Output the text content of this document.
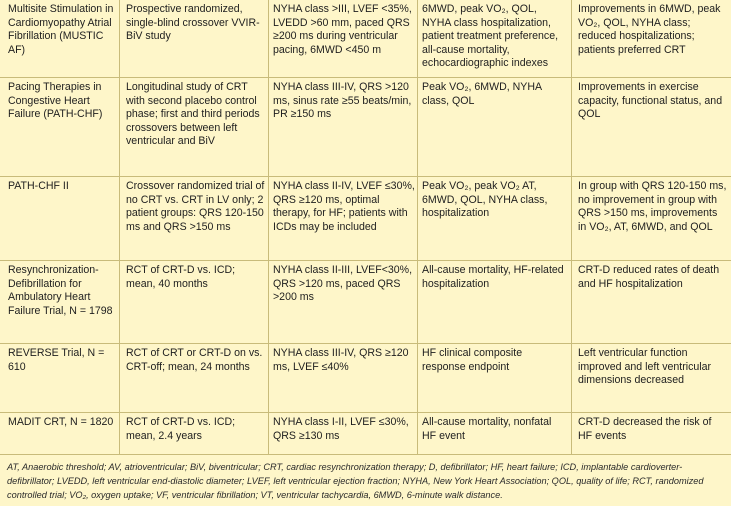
Multisite Stimulation in Cardiomyopathy Atrial Fibrillation (MUSTIC AF)
Prospective randomized, single-blind crossover VVIR-BiV study
NYHA class >III, LVEF <35%, LVEDD >60 mm, paced QRS ≥200 ms during ventricular pacing, 6MWD <450 m
6MWD, peak VO₂, QOL, NYHA class hospitalization, patient treatment preference, all-cause mortality, echocardiographic indexes
Improvements in 6MWD, peak VO₂, QOL, NYHA class; reduced hospitalizations; patients preferred CRT
Pacing Therapies in Congestive Heart Failure (PATH-CHF)
Longitudinal study of CRT with second placebo control phase; first and third periods crossovers between left ventricular and BiV
NYHA class III-IV, QRS >120 ms, sinus rate ≥55 beats/min, PR ≥150 ms
Peak VO₂, 6MWD, NYHA class, QOL
Improvements in exercise capacity, functional status, and QOL
PATH-CHF II	Crossover randomized trial of no CRT vs. CRT in LV only; 2 patient groups: QRS 120-150 ms and QRS >150 ms
NYHA class II-IV, LVEF ≤30%, QRS ≥120 ms, optimal therapy, for HF; patients with ICDs may be included
Peak VO₂, peak VO₂ AT, 6MWD, QOL, NYHA class, hospitalization
In group with QRS 120-150 ms, no improvement in group with QRS >150 ms, improvements in VO₂, AT, 6MWD, and QOL
Resynchronization-Defibrillation for Ambulatory Heart Failure Trial, N = 1798
RCT of CRT-D vs. ICD; mean, 40 months
NYHA class II-III, LVEF<30%, QRS >120 ms, paced QRS >200 ms
All-cause mortality, HF-related hospitalization
CRT-D reduced rates of death and HF hospitalization
REVERSE Trial, N = 610
RCT of CRT or CRT-D on vs. CRT-off; mean, 24 months
NYHA class III-IV, QRS ≥120 ms, LVEF ≤40%
HF clinical composite response endpoint
Left ventricular function improved and left ventricular dimensions decreased
MADIT CRT, N = 1820 RCT of CRT-D vs. ICD; mean, 2.4 years
NYHA class I-II, LVEF ≤30%, QRS ≥130 ms
All-cause mortality, nonfatal HF event
CRT-D decreased the risk of HF events

AT, Anaerobic threshold; AV, atrioventricular; BiV, biventricular; CRT, cardiac resynchronization therapy; D, defibrillator; HF, heart failure; ICD, implantable cardioverter-defibrillator; LVEDD, left ventricular end-diastolic diameter; LVEF, left ventricular ejection fraction; NYHA, New York Heart Association; QOL, quality of life; RCT, randomized controlled trial; VO₂, oxygen uptake; VF, ventricular fibrillation; VT, ventricular tachycardia, 6MWD, 6-minute walk distance.
